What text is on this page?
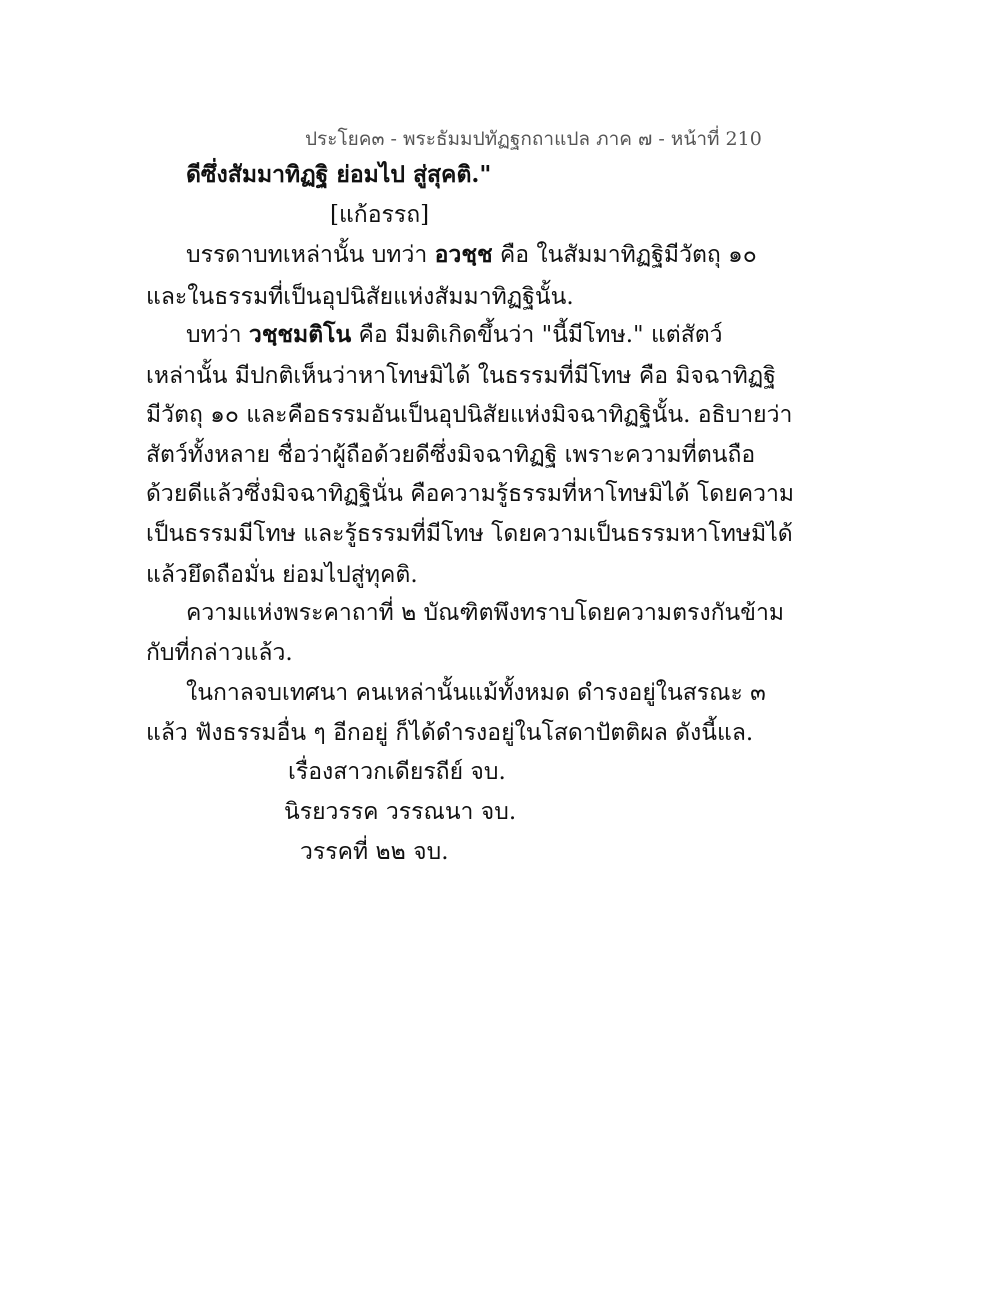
ประโยค๓ - พระธัมมปทัฏฐกถาแปล ภาค ๗ - หน้าที่ 210
ดีซึ่งสัมมาทิฏฐิ ย่อมไป สู่สุคติ."
[แก้อรรถ]
บรรดาบทเหล่านั้น บทว่า อวชฺช คือ ในสัมมาทิฏฐิมีวัตถุ ๑๐
และในธรรมที่เป็นอุปนิสัยแห่งสัมมาทิฏฐินั้น.
บทว่า วชฺชมติโน คือ มีมติเกิดขึ้นว่า "นี้มีโทษ." แต่สัตว์
เหล่านั้น มีปกติเห็นว่าหาโทษมิได้ ในธรรมที่มีโทษ คือ มิจฉาทิฏฐิ
มีวัตถุ ๑๐ และคือธรรมอันเป็นอุปนิสัยแห่งมิจฉาทิฏฐินั้น. อธิบายว่า
สัตว์ทั้งหลาย ชื่อว่าผู้ถือด้วยดีซึ่งมิจฉาทิฏฐิ เพราะความที่ตนถือ
ด้วยดีแล้วซึ่งมิจฉาทิฏฐินั่น คือความรู้ธรรมที่หาโทษมิได้ โดยความ
เป็นธรรมมีโทษ และรู้ธรรมที่มีโทษ โดยความเป็นธรรมหาโทษมิได้
แล้วยึดถือมั่น ย่อมไปสู่ทุคติ.
ความแห่งพระคาถาที่ ๒ บัณฑิตพึงทราบโดยความตรงกันข้าม
กับที่กล่าวแล้ว.
ในกาลจบเทศนา คนเหล่านั้นแม้ทั้งหมด ดำรงอยู่ในสรณะ ๓
แล้ว ฟังธรรมอื่น ๆ อีกอยู่ ก็ได้ดำรงอยู่ในโสดาปัตติผล ดังนี้แล.
เรื่องสาวกเดียรถีย์ จบ.
นิรยวรรค วรรณนา จบ.
วรรคที่ ๒๒ จบ.
